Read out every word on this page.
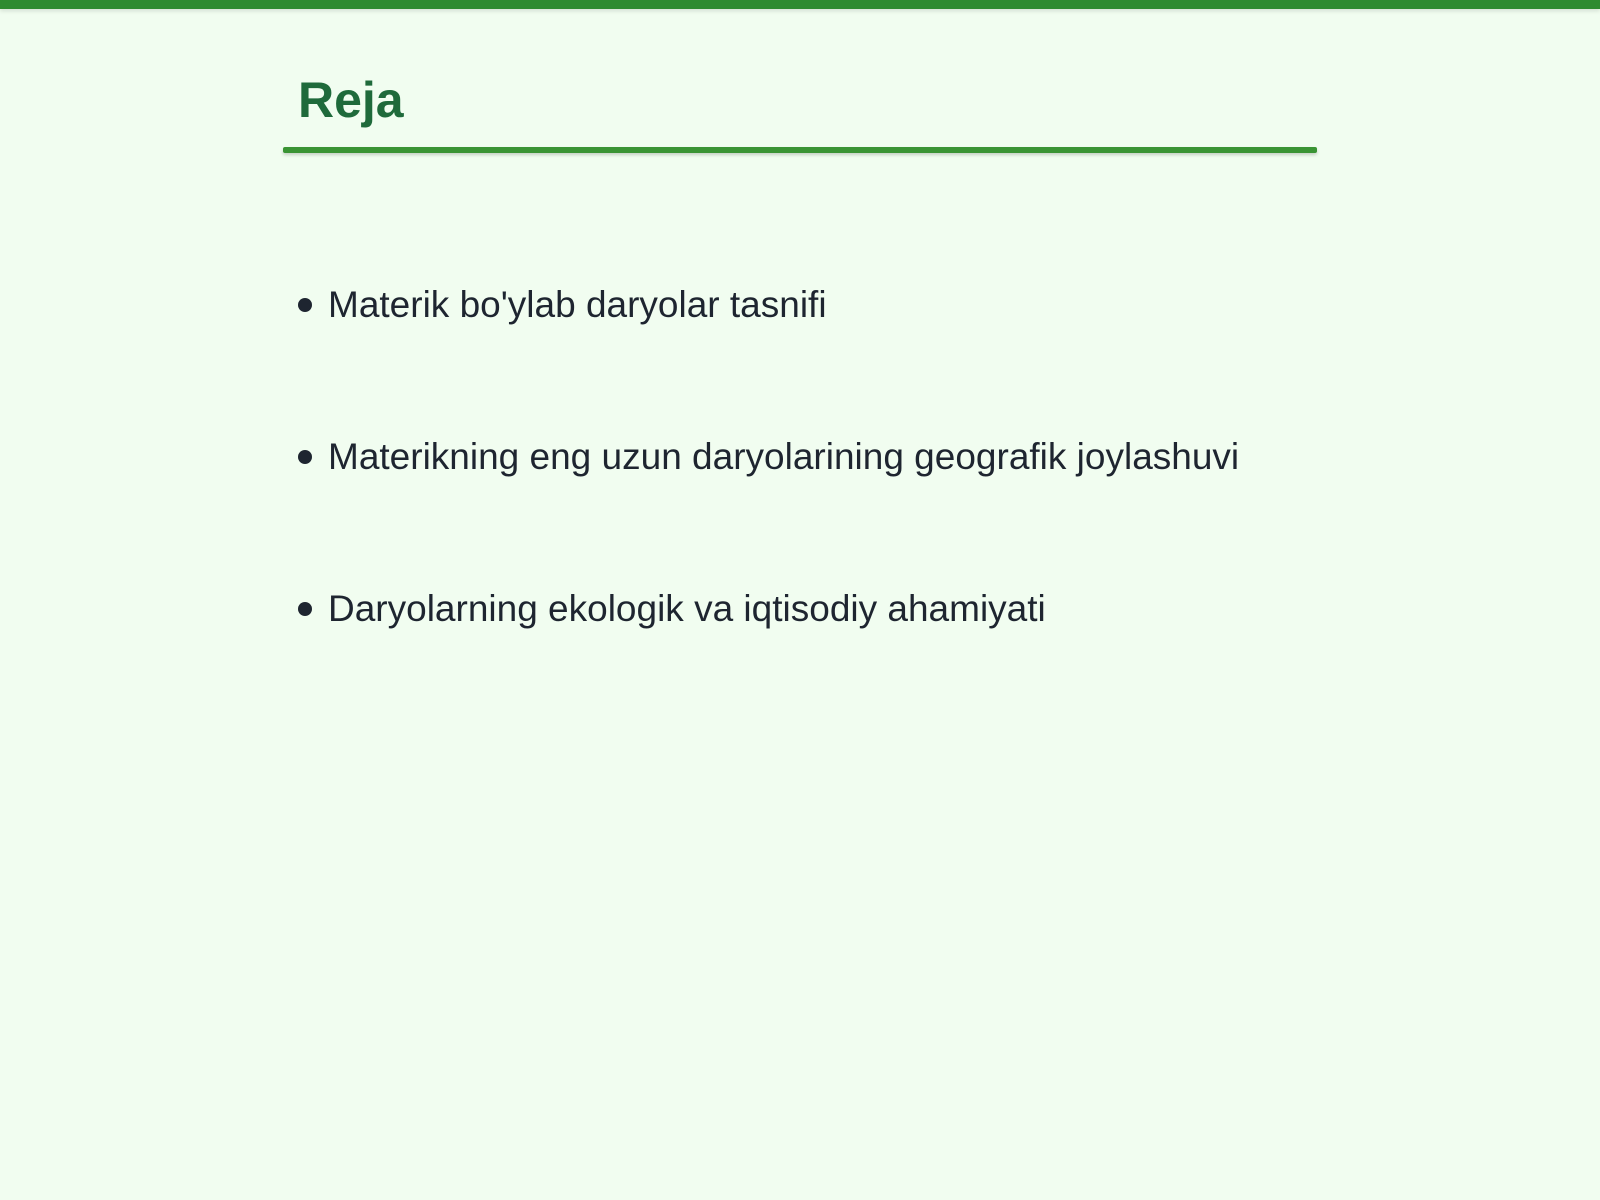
Reja
Materik bo'ylab daryolar tasnifi
Materikning eng uzun daryolarining geografik joylashuvi
Daryolarning ekologik va iqtisodiy ahamiyati
